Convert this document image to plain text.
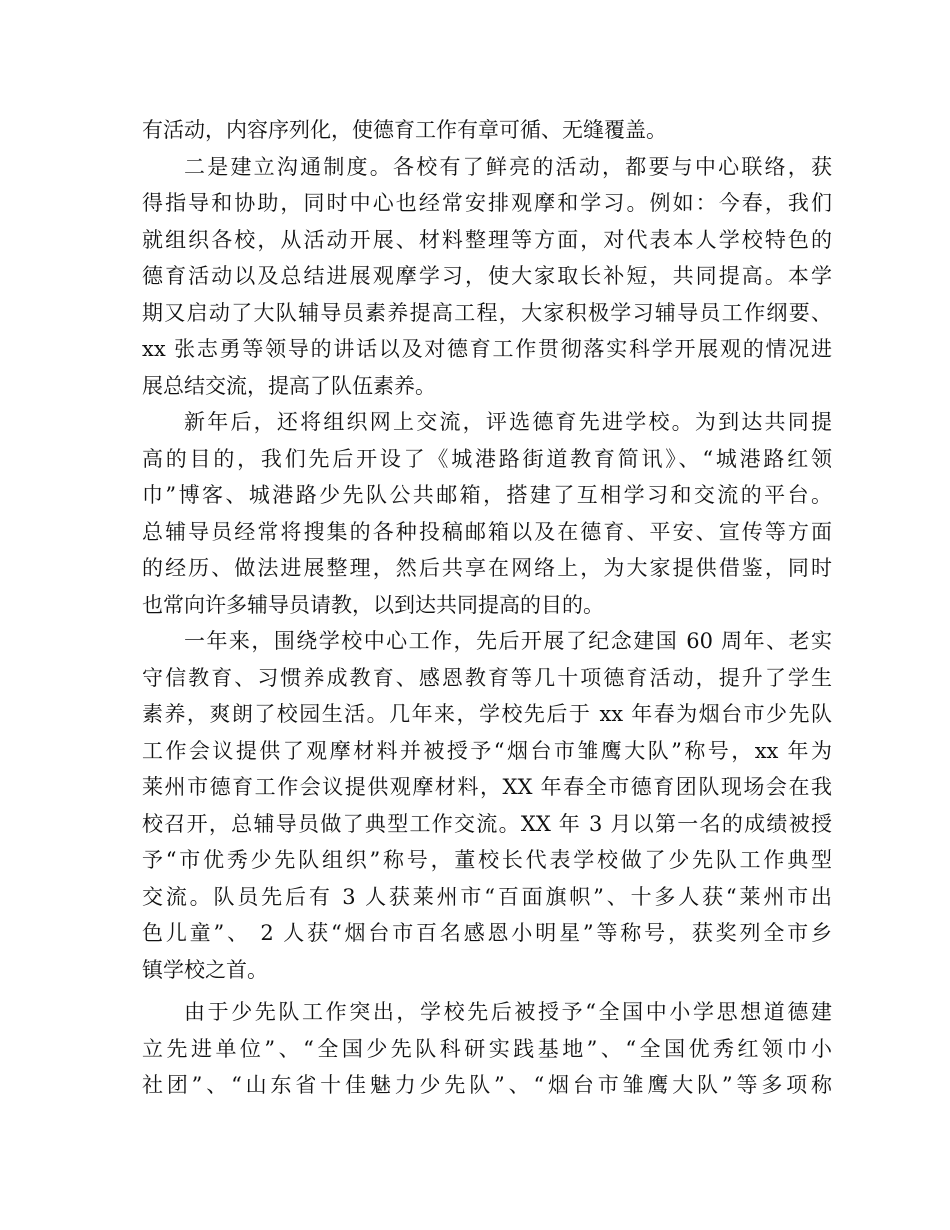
有活动，内容序列化，使德育工作有章可循、无缝覆盖。
二是建立沟通制度。各校有了鲜亮的活动，都要与中心联络，获
得指导和协助，同时中心也经常安排观摩和学习。例如：今春，我们
就组织各校，从活动开展、材料整理等方面，对代表本人学校特色的
德育活动以及总结进展观摩学习，使大家取长补短，共同提高。本学
期又启动了大队辅导员素养提高工程，大家积极学习辅导员工作纲要、
xx 张志勇等领导的讲话以及对德育工作贯彻落实科学开展观的情况进
展总结交流，提高了队伍素养。
新年后，还将组织网上交流，评选德育先进学校。为到达共同提
高的目的，我们先后开设了《城港路街道教育简讯》、“城港路红领
巾”博客、城港路少先队公共邮箱，搭建了互相学习和交流的平台。
总辅导员经常将搜集的各种投稿邮箱以及在德育、平安、宣传等方面
的经历、做法进展整理，然后共享在网络上，为大家提供借鉴，同时
也常向许多辅导员请教，以到达共同提高的目的。
一年来，围绕学校中心工作，先后开展了纪念建国 60 周年、老实
守信教育、习惯养成教育、感恩教育等几十项德育活动，提升了学生
素养，爽朗了校园生活。几年来，学校先后于 xx 年春为烟台市少先队
工作会议提供了观摩材料并被授予“烟台市雏鹰大队”称号，xx 年为
莱州市德育工作会议提供观摩材料，XX 年春全市德育团队现场会在我
校召开，总辅导员做了典型工作交流。XX 年 3 月以第一名的成绩被授
予“市优秀少先队组织”称号，董校长代表学校做了少先队工作典型
交流。队员先后有 3 人获莱州市“百面旗帜”、十多人获“莱州市出
色儿童”、 2 人获“烟台市百名感恩小明星”等称号，获奖列全市乡
镇学校之首。
由于少先队工作突出，学校先后被授予“全国中小学思想道德建
立先进单位”、“全国少先队科研实践基地”、“全国优秀红领巾小
社团”、“山东省十佳魅力少先队”、“烟台市雏鹰大队”等多项称
